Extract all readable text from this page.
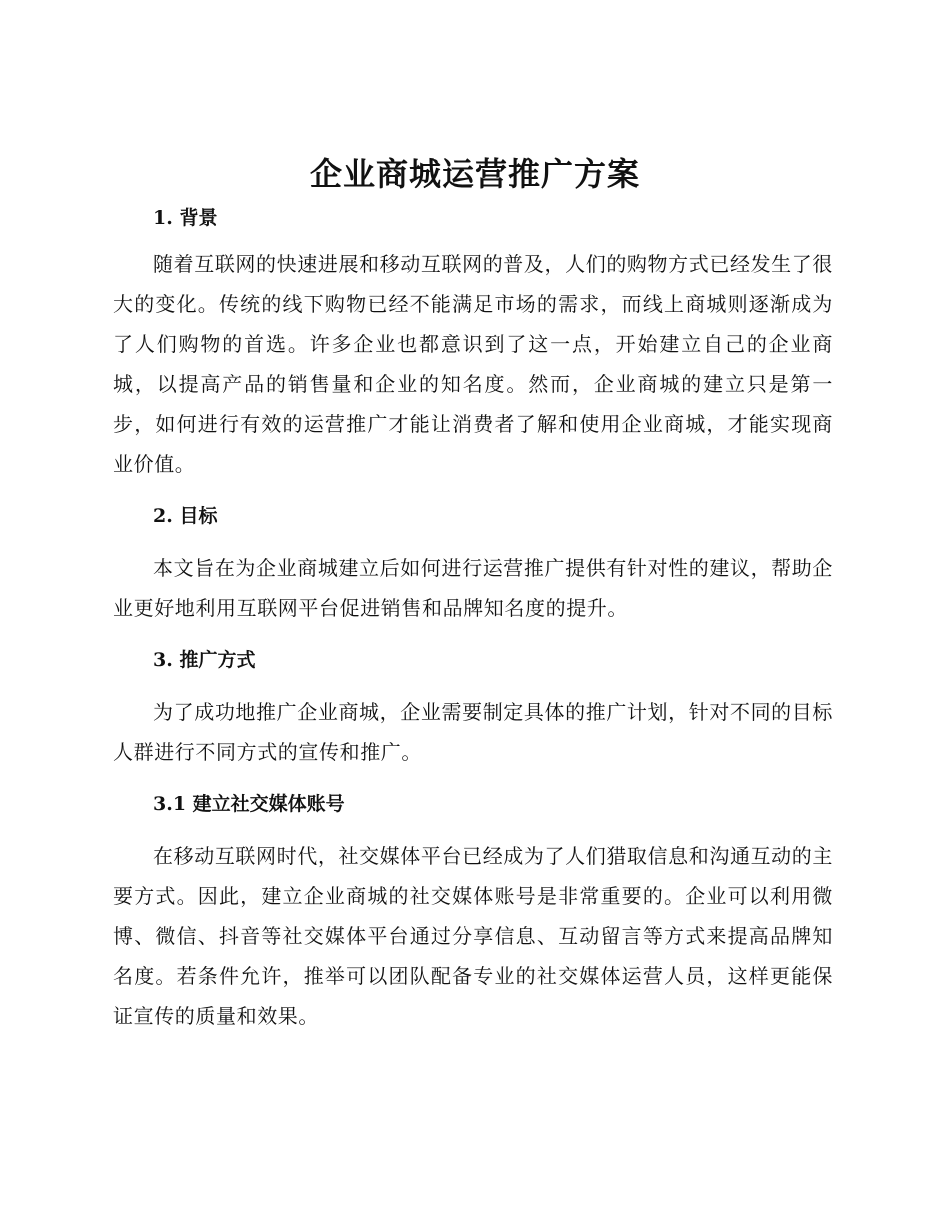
企业商城运营推广方案
1. 背景

随着互联网的快速进展和移动互联网的普及，人们的购物方式已经发生了很大的变化。传统的线下购物已经不能满足市场的需求，而线上商城则逐渐成为了人们购物的首选。许多企业也都意识到了这一点，开始建立自己的企业商城，以提高产品的销售量和企业的知名度。然而，企业商城的建立只是第一步，如何进行有效的运营推广才能让消费者了解和使用企业商城，才能实现商业价值。

2. 目标

本文旨在为企业商城建立后如何进行运营推广提供有针对性的建议，帮助企业更好地利用互联网平台促进销售和品牌知名度的提升。

3. 推广方式

为了成功地推广企业商城，企业需要制定具体的推广计划，针对不同的目标人群进行不同方式的宣传和推广。

3.1 建立社交媒体账号

在移动互联网时代，社交媒体平台已经成为了人们猎取信息和沟通互动的主要方式。因此，建立企业商城的社交媒体账号是非常重要的。企业可以利用微博、微信、抖音等社交媒体平台通过分享信息、互动留言等方式来提高品牌知名度。若条件允许，推举可以团队配备专业的社交媒体运营人员，这样更能保证宣传的质量和效果。
